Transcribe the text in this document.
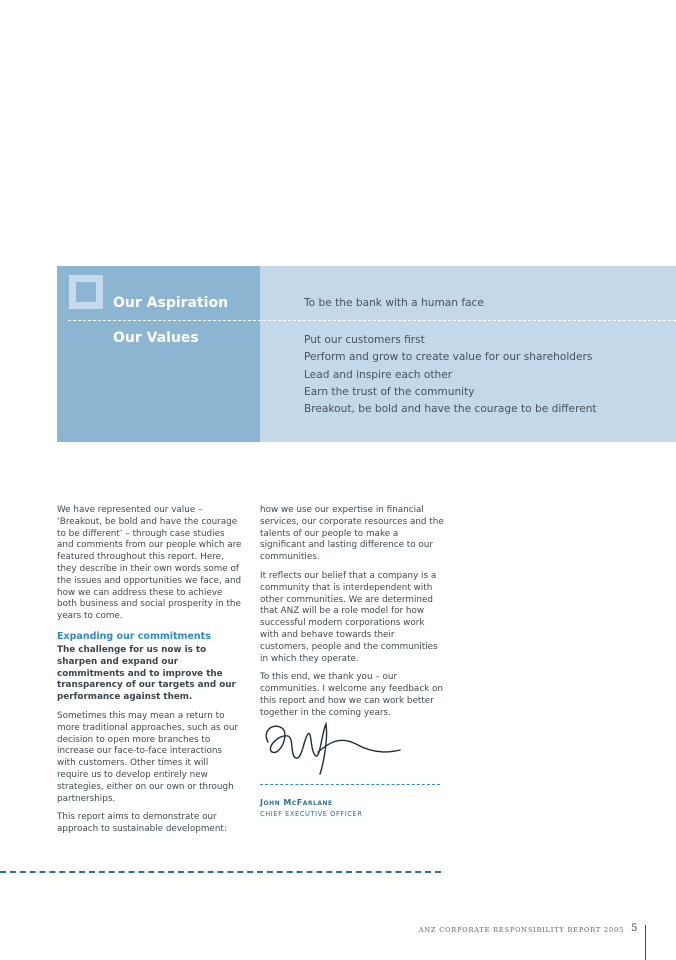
Our Aspiration
Our Values
To be the bank with a human face
Put our customers first
Perform and grow to create value for our shareholders
Lead and inspire each other
Earn the trust of the community
Breakout, be bold and have the courage to be different

We have represented our value – ‘Breakout, be bold and have the courage to be different’ – through case studies and comments from our people which are featured throughout this report. Here, they describe in their own words some of the issues and opportunities we face, and how we can address these to achieve both business and social prosperity in the years to come.

Expanding our commitments

The challenge for us now is to sharpen and expand our commitments and to improve the transparency of our targets and our performance against them.

Sometimes this may mean a return to more traditional approaches, such as our decision to open more branches to increase our face-to-face interactions with customers. Other times it will require us to develop entirely new strategies, either on our own or through partnerships.

This report aims to demonstrate our approach to sustainable development:

how we use our expertise in financial services, our corporate resources and the talents of our people to make a significant and lasting difference to our communities.

It reflects our belief that a company is a community that is interdependent with other communities. We are determined that ANZ will be a role model for how successful modern corporations work with and behave towards their customers, people and the communities in which they operate.

To this end, we thank you – our communities. I welcome any feedback on this report and how we can work better together in the coming years.

John McFarlane
CHIEF EXECUTIVE OFFICER
ANZ CORPORATE RESPONSIBILITY REPORT 2005 5
